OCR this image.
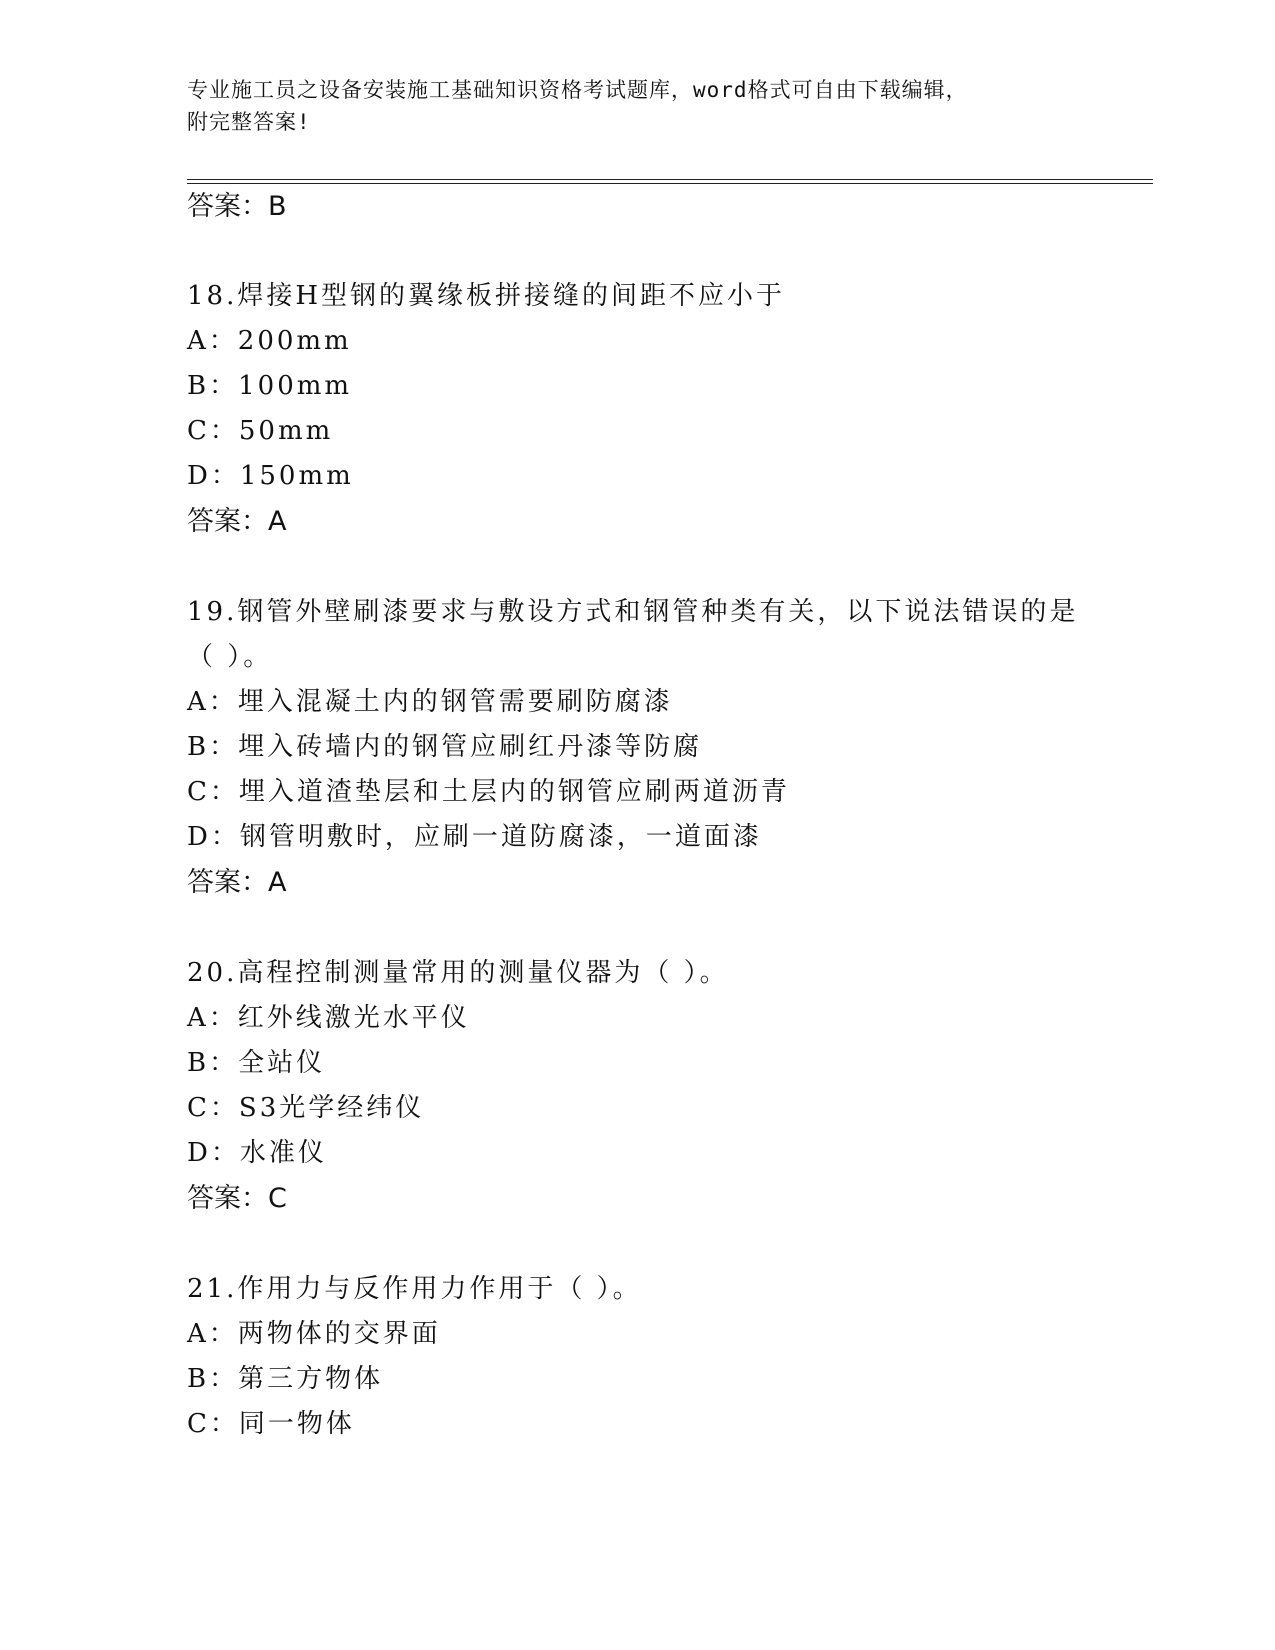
专业施工员之设备安装施工基础知识资格考试题库，word格式可自由下载编辑，
附完整答案!
答案：B
18.焊接H型钢的翼缘板拼接缝的间距不应小于
A：200mm
B：100mm
C：50mm
D：150mm
答案：A
19.钢管外壁刷漆要求与敷设方式和钢管种类有关，以下说法错误的是
（ ）。
A：埋入混凝土内的钢管需要刷防腐漆
B：埋入砖墙内的钢管应刷红丹漆等防腐
C：埋入道渣垫层和土层内的钢管应刷两道沥青
D：钢管明敷时，应刷一道防腐漆，一道面漆
答案：A
20.高程控制测量常用的测量仪器为（ ）。
A：红外线激光水平仪
B：全站仪
C：S3光学经纬仪
D：水准仪
答案：C
21.作用力与反作用力作用于（ ）。
A：两物体的交界面
B：第三方物体
C：同一物体
